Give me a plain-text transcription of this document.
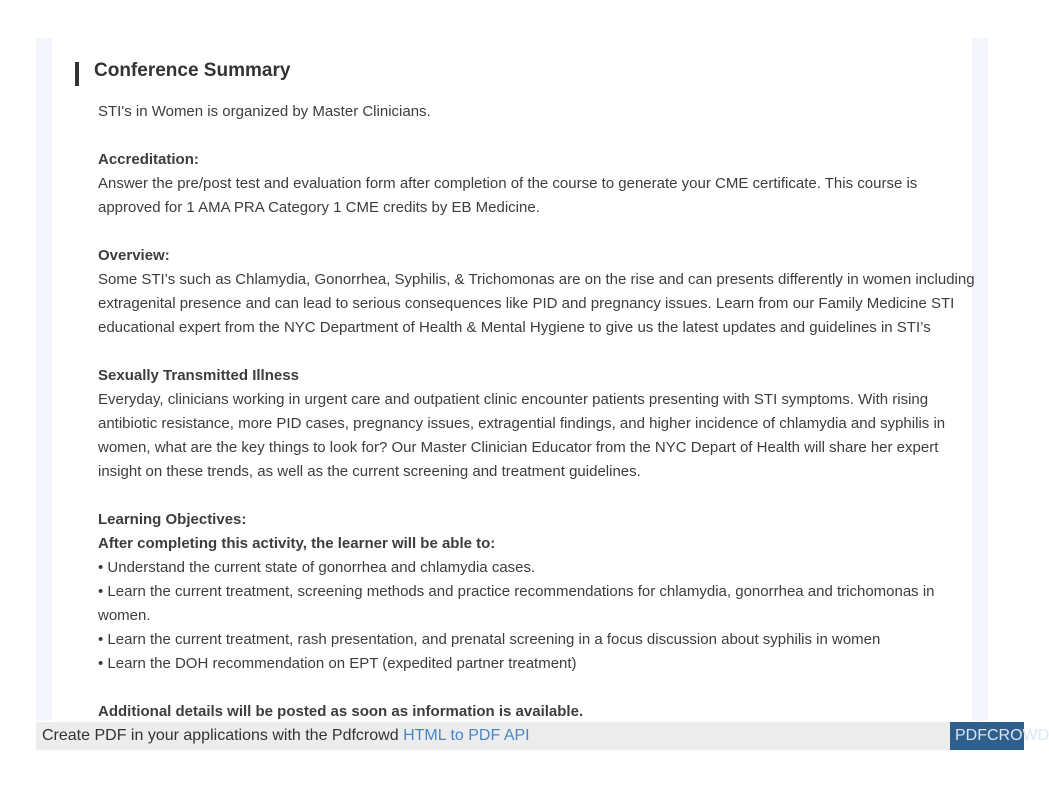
Conference Summary

STI's in Women is organized by Master Clinicians.

Accreditation:

Answer the pre/post test and evaluation form after completion of the course to generate your CME certificate. This course is approved for 1 AMA PRA Category 1 CME credits by EB Medicine.

Overview:

Some STI’s such as Chlamydia, Gonorrhea, Syphilis, & Trichomonas are on the rise and can presents differently in women including extragenital presence and can lead to serious consequences like PID and pregnancy issues. Learn from our Family Medicine STI educational expert from the NYC Department of Health & Mental Hygiene to give us the latest updates and guidelines in STI’s

Sexually Transmitted Illness

Everyday, clinicians working in urgent care and outpatient clinic encounter patients presenting with STI symptoms. With rising antibiotic resistance, more PID cases, pregnancy issues, extragential findings, and higher incidence of chlamydia and syphilis in women, what are the key things to look for? Our Master Clinician Educator from the NYC Depart of Health will share her expert insight on these trends, as well as the current screening and treatment guidelines.

Learning Objectives:

After completing this activity, the learner will be able to:

• Understand the current state of gonorrhea and chlamydia cases.

• Learn the current treatment, screening methods and practice recommendations for chlamydia, gonorrhea and trichomonas in women.

• Learn the current treatment, rash presentation, and prenatal screening in a focus discussion about syphilis in women

• Learn the DOH recommendation on EPT (expedited partner treatment)

Additional details will be posted as soon as information is available.

Create PDF in your applications with the Pdfcrowd HTML to PDF API	PDFCROWD
